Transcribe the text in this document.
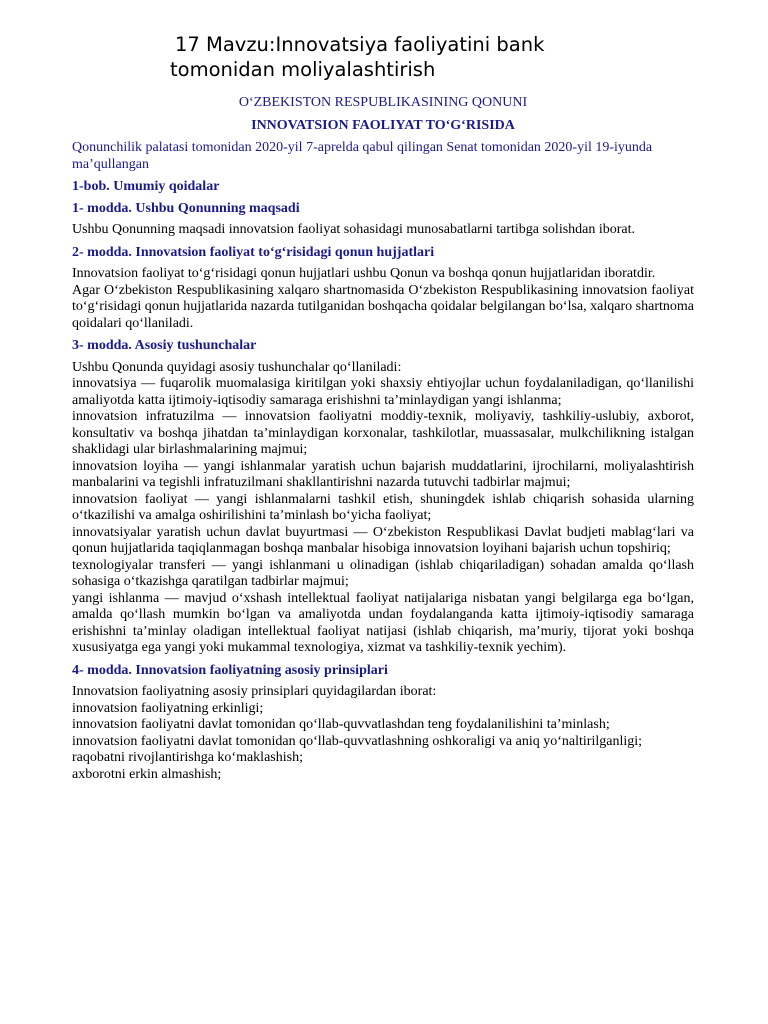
17 Mavzu:Innovatsiya faoliyatini bank
tomonidan moliyalashtirish
O‘ZBEKISTON RESPUBLIKASINING QONUNI
INNOVATSION FAOLIYAT TO‘G‘RISIDA
Qonunchilik palatasi tomonidan 2020-yil 7-aprelda qabul qilingan Senat tomonidan 2020-yil 19-iyunda ma’qullangan
1-bob. Umumiy qoidalar
1- modda. Ushbu Qonunning maqsadi

Ushbu Qonunning maqsadi innovatsion faoliyat sohasidagi munosabatlarni tartibga solishdan iborat.

2- modda. Innovatsion faoliyat to‘g‘risidagi qonun hujjatlari

Innovatsion faoliyat to‘g‘risidagi qonun hujjatlari ushbu Qonun va boshqa qonun hujjatlaridan iboratdir.

Agar O‘zbekiston Respublikasining xalqaro shartnomasida O‘zbekiston Respublikasining innovatsion faoliyat to‘g‘risidagi qonun hujjatlarida nazarda tutilganidan boshqacha qoidalar belgilangan bo‘lsa, xalqaro shartnoma qoidalari qo‘llaniladi.

3- modda. Asosiy tushunchalar

Ushbu Qonunda quyidagi asosiy tushunchalar qo‘llaniladi:

innovatsiya — fuqarolik muomalasiga kiritilgan yoki shaxsiy ehtiyojlar uchun foydalaniladigan, qo‘llanilishi amaliyotda katta ijtimoiy-iqtisodiy samaraga erishishni ta’minlaydigan yangi ishlanma;

innovatsion infratuzilma — innovatsion faoliyatni moddiy-texnik, moliyaviy, tashkiliy-uslubiy, axborot, konsultativ va boshqa jihatdan ta’minlaydigan korxonalar, tashkilotlar, muassasalar, mulkchilikning istalgan shaklidagi ular birlashmalarining majmui;

innovatsion loyiha — yangi ishlanmalar yaratish uchun bajarish muddatlarini, ijrochilarni, moliyalashtirish manbalarini va tegishli infratuzilmani shakllantirishni nazarda tutuvchi tadbirlar majmui;

innovatsion faoliyat — yangi ishlanmalarni tashkil etish, shuningdek ishlab chiqarish sohasida ularning o‘tkazilishi va amalga oshirilishini ta’minlash bo‘yicha faoliyat;

innovatsiyalar yaratish uchun davlat buyurtmasi — O‘zbekiston Respublikasi Davlat budjeti mablag‘lari va qonun hujjatlarida taqiqlanmagan boshqa manbalar hisobiga innovatsion loyihani bajarish uchun topshiriq;

texnologiyalar transferi — yangi ishlanmani u olinadigan (ishlab chiqariladigan) sohadan amalda qo‘llash sohasiga o‘tkazishga qaratilgan tadbirlar majmui;

yangi ishlanma — mavjud o‘xshash intellektual faoliyat natijalariga nisbatan yangi belgilarga ega bo‘lgan, amalda qo‘llash mumkin bo‘lgan va amaliyotda undan foydalanganda katta ijtimoiy-iqtisodiy samaraga erishishni ta’minlay oladigan intellektual faoliyat natijasi (ishlab chiqarish, ma’muriy, tijorat yoki boshqa xususiyatga ega yangi yoki mukammal texnologiya, xizmat va tashkiliy-texnik yechim).

4- modda. Innovatsion faoliyatning asosiy prinsiplari

Innovatsion faoliyatning asosiy prinsiplari quyidagilardan iborat:

innovatsion faoliyatning erkinligi;

innovatsion faoliyatni davlat tomonidan qo‘llab-quvvatlashdan teng foydalanilishini ta’minlash;

innovatsion faoliyatni davlat tomonidan qo‘llab-quvvatlashning oshkoraligi va aniq yo‘naltirilganligi;

raqobatni rivojlantirishga ko‘maklashish;

axborotni erkin almashish;
